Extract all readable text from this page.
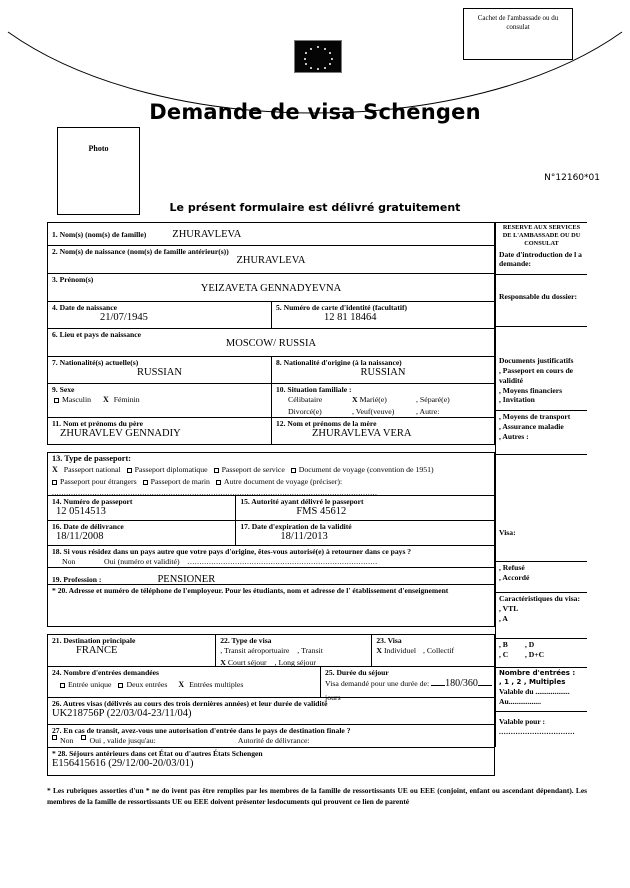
Cachet de l'ambassade ou du consulat
Demande de visa Schengen
Photo
N°12160*01
Le présent formulaire est délivré gratuitement
1. Nom(s) (nom(s) de famille) ZHURAVLEVA
2. Nom(s) de naissance (nom(s) de famille antérieur(s))
ZHURAVLEVA
3. Prénom(s)
YEIZAVETA GENNADYEVNA
4. Date de naissance
21/07/1945
5. Numéro de carte d'identité (facultatif)
12 81 18464
6. Lieu et pays de naissance
MOSCOW/ RUSSIA
7. Nationalité(s) actuelle(s)
RUSSIAN
8. Nationalité d'origine (à la naissance)
RUSSIAN
9. Sexe
Masculin X Féminin
10. Situation familiale :
Célibataire	X Marié(e)	, Séparé(e)
Divorcé(e)	, Veuf(veuve)	, Autre:
11. Nom et prénoms du père
ZHURAVLEV GENNADIY
12. Nom et prénoms de la mère
ZHURAVLEVA VERA
13. Type de passeport:
X Passeport national Passeport diplomatique Passeport de service Document de voyage (convention de 1951)
Passeport pour étrangers Passeport de marin Autre document de voyage (préciser):
.........................................................................................................................................
14. Numéro de passeport
12 0514513
15. Autorité ayant délivré le passeport
FMS 45612
16. Date de délivrance
18/11/2008
17. Date d'expiration de la validité
18/11/2013
18. Si vous résidez dans un pays autre que votre pays d'origine, êtes-vous autorisé(e) à retourner dans ce pays ?
Non	Oui (numéro et validité) ................................................................................
19. Profession :	PENSIONER
* 20. Adresse et numéro de téléphone de l'employeur. Pour les étudiants, nom et adresse de l' établissement d'enseignement
21. Destination principale
FRANCE
22. Type de visa
, Transit aéroportuaire , Transit
X Court séjour , Long séjour
23. Visa
X Individuel , Collectif
24. Nombre d'entrées demandées
Entrée unique Deux entrées X Entrées multiples
25. Durée du séjour
Visa demandé pour une durée de: 180/360
jours
26. Autres visas (délivrés au cours des trois dernières années) et leur durée de validité
UK218756P (22/03/04-23/11/04)
27. En cas de transit, avez-vous une autorisation d'entrée dans le pays de destination finale ?
Non Oui , valide jusqu'au:	Autorité de délivrance:
* 28. Séjours antérieurs dans cet État ou d'autres États Schengen
E156415616 (29/12/00-20/03/01)
RESERVE AUX SERVICES DE L'AMBASSADE OU DU CONSULAT
Date d'introduction de l a demande:
Responsable du dossier:
Documents justificatifs
, Passeport en cours de validité
, Moyens financiers
, Invitation
, Moyens de transport
, Assurance maladie
, Autres :
Visa:
, Refusé
, Accordé
Caractéristiques du visa:
, VTL
, A
, B	, D
, C	, D+C
Nombre d'entrées :
, 1 , 2 , Multiples
Valable du ..................
Au.................
Valable pour :
................................
* Les rubriques assorties d'un * ne do ivent pas être remplies par les membres de la famille de ressortissants UE ou EEE (conjoint, enfant ou ascendant dépendant). Les membres de la famille de ressortissants UE ou EEE doivent présenter lesdocuments qui prouvent ce lien de parenté
